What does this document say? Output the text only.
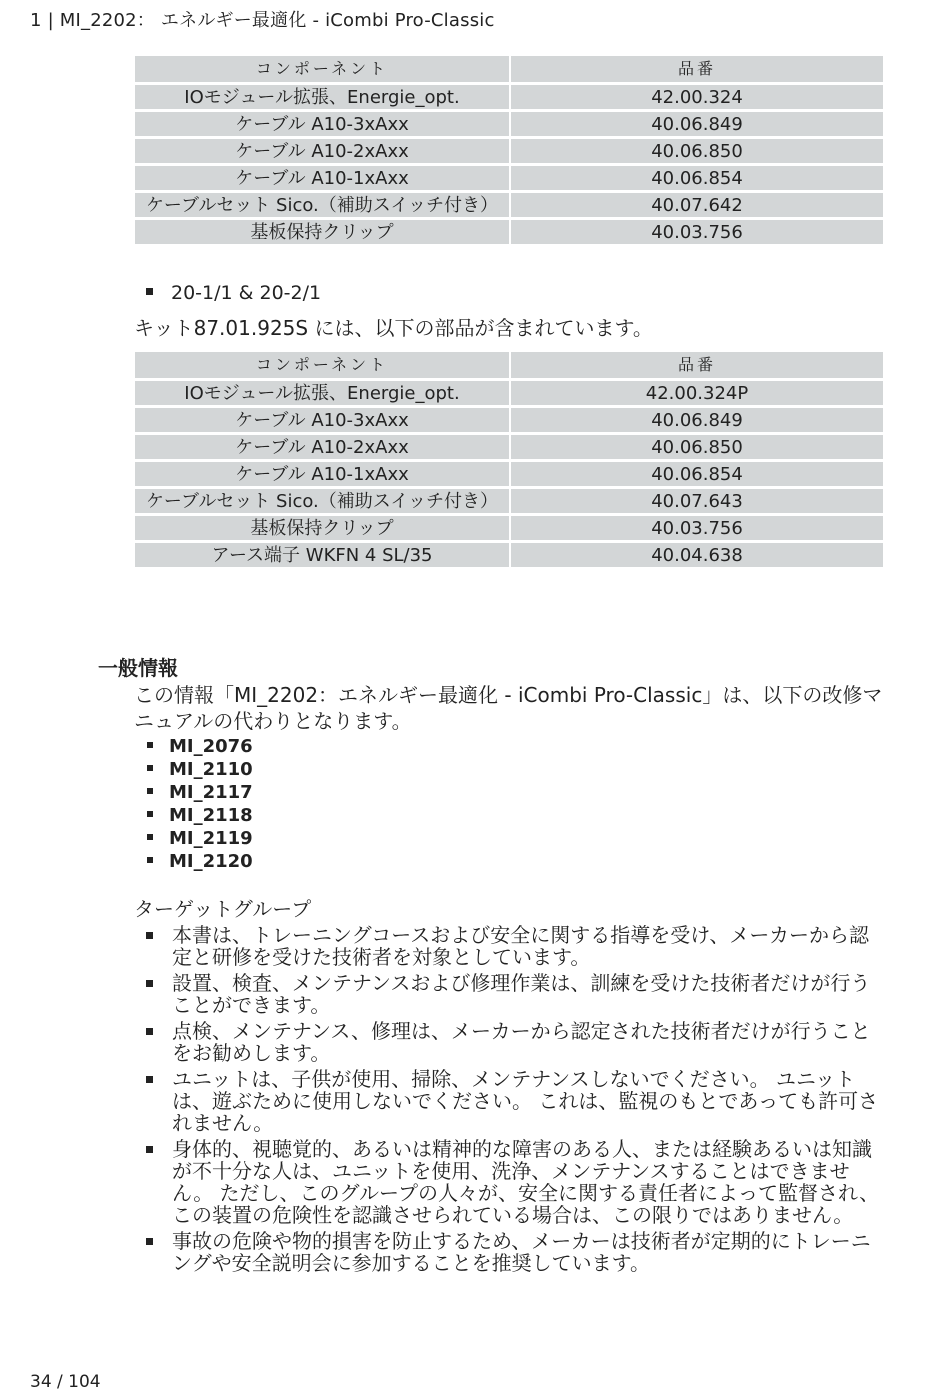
1 | MI_2202： エネルギー最適化 - iCombi Pro-Classic
コンポーネント	品番
IOモジュール拡張、Energie_opt.	42.00.324
ケーブル A10-3xAxx	40.06.849
ケーブル A10-2xAxx	40.06.850
ケーブル A10-1xAxx	40.06.854
ケーブルセット Sico.（補助スイッチ付き）	40.07.642
基板保持クリップ	40.03.756
20-1/1 & 20-2/1
キット87.01.925S には、以下の部品が含まれています。
コンポーネント	品番
IOモジュール拡張、Energie_opt.	42.00.324P
ケーブル A10-3xAxx	40.06.849
ケーブル A10-2xAxx	40.06.850
ケーブル A10-1xAxx	40.06.854
ケーブルセット Sico.（補助スイッチ付き）	40.07.643
基板保持クリップ	40.03.756
アース端子 WKFN 4 SL/35	40.04.638
一般情報
この情報「MI_2202：エネルギー最適化 - iCombi Pro-Classic」は、以下の改修マニュアルの代わりとなります。
MI_2076
MI_2110
MI_2117
MI_2118
MI_2119
MI_2120
ターゲットグループ
本書は、トレーニングコースおよび安全に関する指導を受け、メーカーから認定と研修を受けた技術者を対象としています。
設置、検査、メンテナンスおよび修理作業は、訓練を受けた技術者だけが行うことができます。
点検、メンテナンス、修理は、メーカーから認定された技術者だけが行うことをお勧めします。
ユニットは、子供が使用、掃除、メンテナンスしないでください。 ユニットは、遊ぶために使用しないでください。 これは、監視のもとであっても許可されません。
身体的、視聴覚的、あるいは精神的な障害のある人、または経験あるいは知識が不十分な人は、ユニットを使用、洗浄、メンテナンスすることはできません。 ただし、このグループの人々が、安全に関する責任者によって監督され、この装置の危険性を認識させられている場合は、この限りではありません。
事故の危険や物的損害を防止するため、メーカーは技術者が定期的にトレーニングや安全説明会に参加することを推奨しています。
34 / 104
